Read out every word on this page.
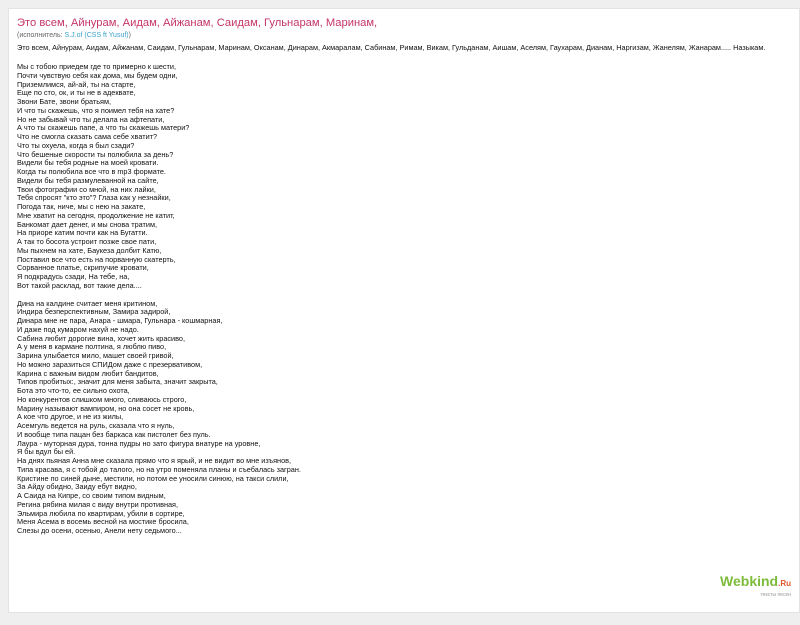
Это всем, Айнурам, Аидам, Айжанам, Саидам, Гульнарам, Маринам,
(исполнитель: S.J.of (CSS ft Yusuf))
Это всем, Айнурам, Аидам, Айжанам, Саидам, Гульнарам, Маринам, Оксанам, Динарам, Акмаралам, Сабинам, Римам, Викам, Гульданам, Аишам, Аселям, Гаухарам, Дианам, Наргизам, Жанелям, Жанарам..... Назыкам.
Мы с тобою приедем где то примерно к шести,
Почти чувствую себя как дома, мы будем одни,
Приземлимся, ай-ай, ты на старте,
Еще по сто, ок, и ты не в адеквате,
Звони Бате, звони братьям,
И что ты скажешь, что я поимел тебя на хате?
Но не забывай что ты делала на афтепати,
А что ты скажешь папе, а что ты скажешь матери?
Что не смогла сказать сама себе хватит?
Что ты охуела, когда я был сзади?
Что бешеные скорости ты полюбила за день?
Видели бы тебя родные на моей кровати.
Когда ты полюбила все что в mp3 формате.
Видели бы тебя размулеванной на сайте,
Твои фотографии со мной, на них лайки,
Тебя спросят "кто это"? Глаза как у незнайки,
Погода так, ниче, мы с нею на закате,
Мне хватит на сегодня, продолжение не катит,
Банкомат дает денег, и мы снова тратим,
На приоре катим почти как на Бугатти.
А так то босота устроит позже свое пати,
Мы пыхнем на хате, Баукеза долбит Катю,
Поставил все что есть на порванную скатерть,
Сорванное платье, скрипучие кровати,
Я подкрадусь сзади, На тебе, на,
Вот такой расклад, вот такие дела....
Дина на калдине считает меня критином,
Индира безперспективным, Замира задирой,
Динара мне не пара, Анара - шмара, Гульнара - кошмарная,
И даже под кумаром нахуй не надо.
Сабина любит дорогие вина, хочет жить красиво,
А у меня в кармане полтина, я люблю пиво,
Зарина улыбается мило, машет своей гривой,
Но можно заразиться СПИДом даже с презервативом,
Карина с важным видом любит бандитов,
Типов пробитых:, значит для меня забыта, значит закрыта,
Бота это что-то, ее сильно охота,
Но конкурентов слишком много, сливаюсь строго,
Марину называют вампиром, но она сосет не кровь,
А кое что другое, и не из жилы,
Асемгуль ведется на руль, сказала что я нуль,
И вообще типа пацан без баркаса как пистолет без пуль.
Лаура - муторная дура, тонна пудры но зато фигура внатуре на уровне,
Я бы вдул бы ей.
На днях пьяная Анна мне сказала прямо что я ярый, и не видит во мне изъянов,
Типа красава, я с тобой до талого, но на утро поменяла планы и съебалась загран.
Кристине по синей дыне, местили, но потом ее уносили синюю, на такси слили,
За Айду обидно, Заиду ебут видно,
А Саида на Кипре, со своим типом видным,
Регина рябина милая с виду внутри противная,
Эльмира любила по квартирам, убили в сортире,
Меня Асема в восемь весной на мостике бросила,
Слезы до осени, осенью, Анели нету седьмого...
Webkind.Ru
тексты песен
